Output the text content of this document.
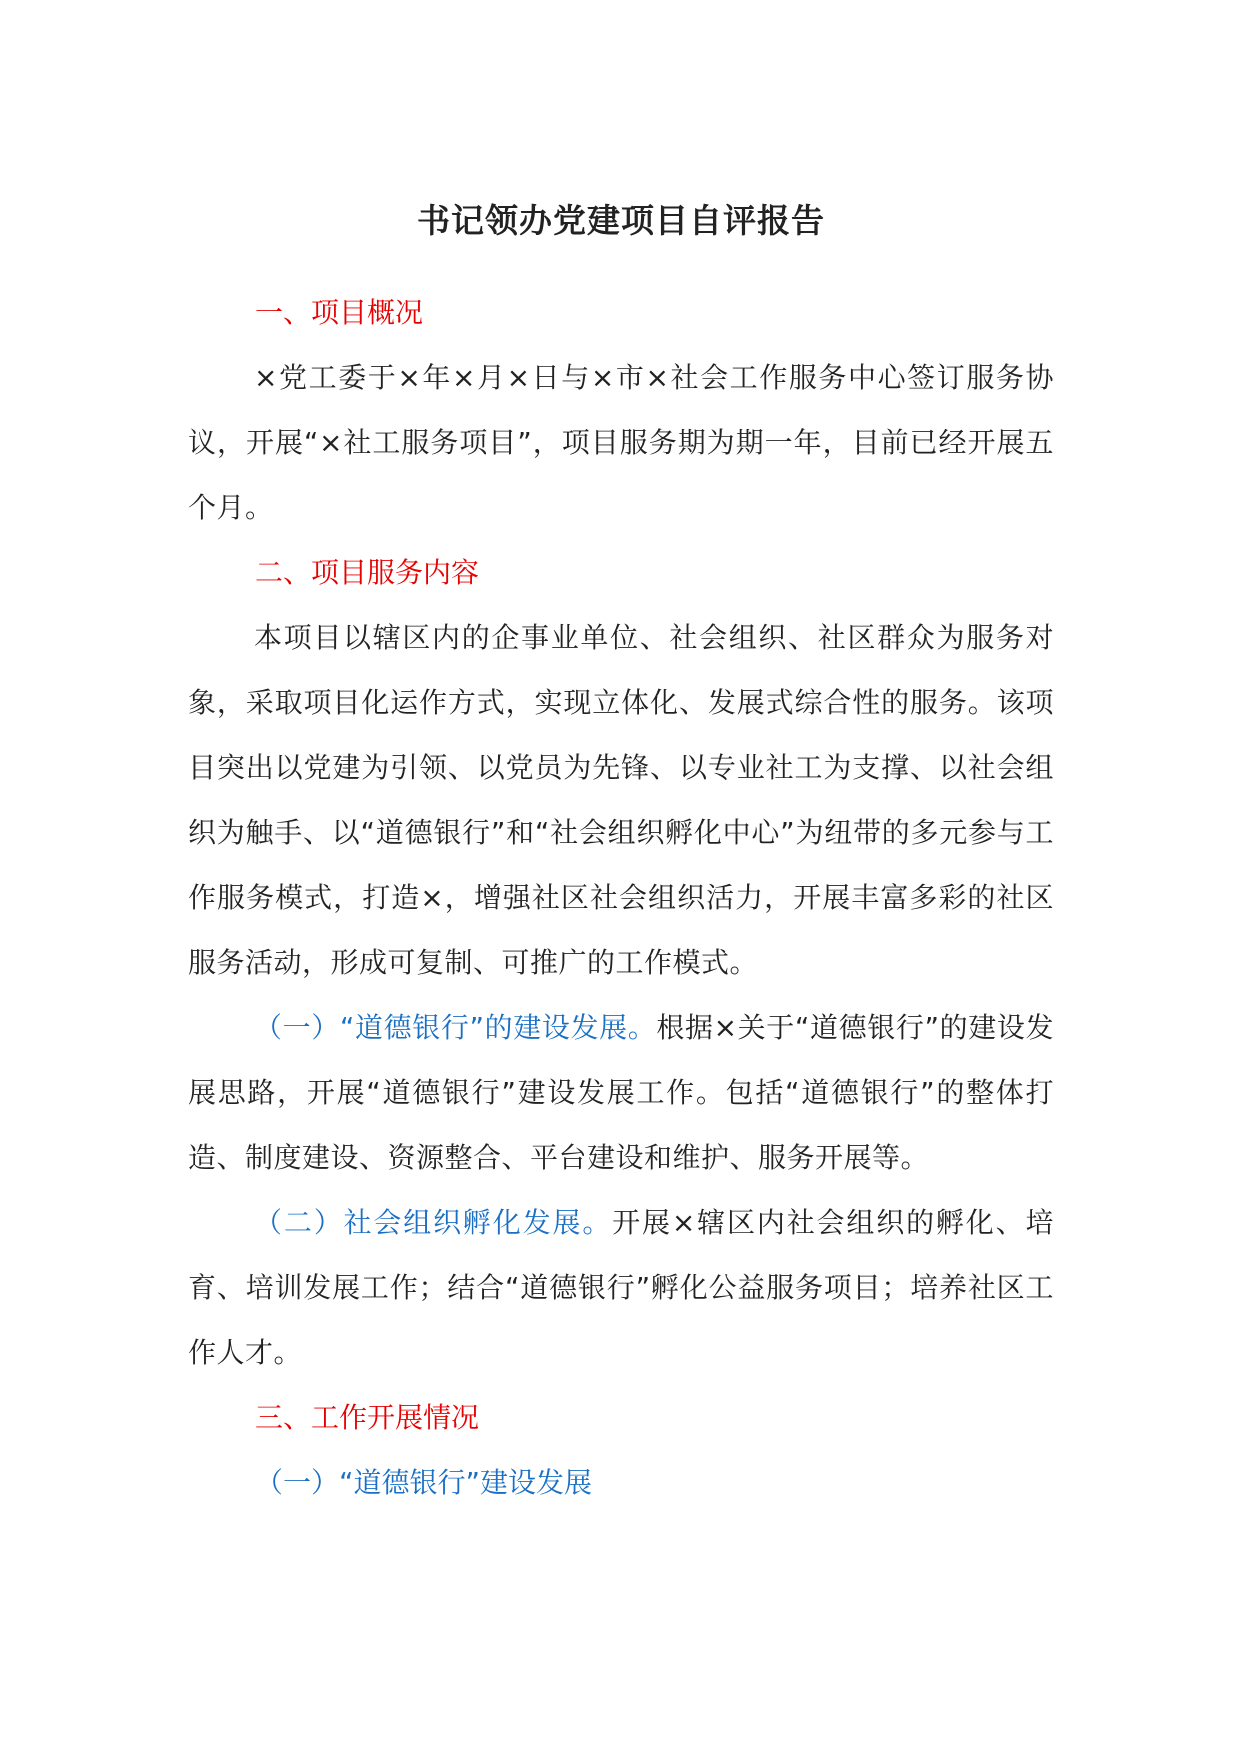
书记领办党建项目自评报告

一、项目概况

×党工委于×年×月×日与×市×社会工作服务中心签订服务协议，开展“×社工服务项目”，项目服务期为期一年，目前已经开展五个月。

二、项目服务内容

本项目以辖区内的企事业单位、社会组织、社区群众为服务对象，采取项目化运作方式，实现立体化、发展式综合性的服务。该项目突出以党建为引领、以党员为先锋、以专业社工为支撑、以社会组织为触手、以“道德银行”和“社会组织孵化中心”为纽带的多元参与工作服务模式，打造×，增强社区社会组织活力，开展丰富多彩的社区服务活动，形成可复制、可推广的工作模式。

（一）“道德银行”的建设发展。根据×关于“道德银行”的建设发展思路，开展“道德银行”建设发展工作。包括“道德银行”的整体打造、制度建设、资源整合、平台建设和维护、服务开展等。

（二）社会组织孵化发展。开展×辖区内社会组织的孵化、培育、培训发展工作；结合“道德银行”孵化公益服务项目；培养社区工作人才。

三、工作开展情况

（一）“道德银行”建设发展
